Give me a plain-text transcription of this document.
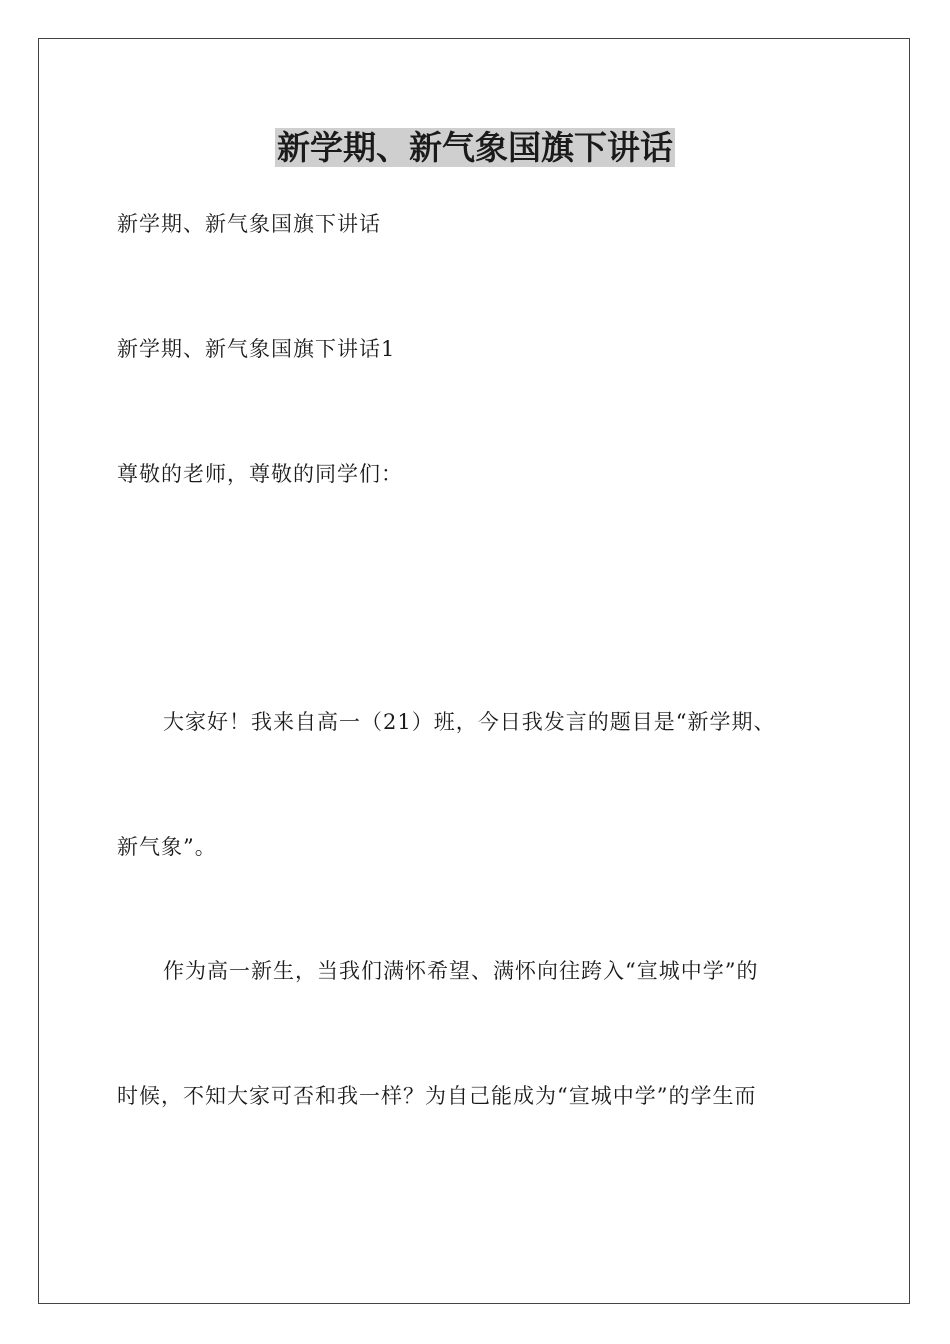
新学期、新气象国旗下讲话
新学期、新气象国旗下讲话
新学期、新气象国旗下讲话1
尊敬的老师，尊敬的同学们：
大家好！我来自高一（21）班，今日我发言的题目是“新学期、
新气象”。
作为高一新生，当我们满怀希望、满怀向往跨入“宣城中学”的
时候，不知大家可否和我一样？为自己能成为“宣城中学”的学生而
